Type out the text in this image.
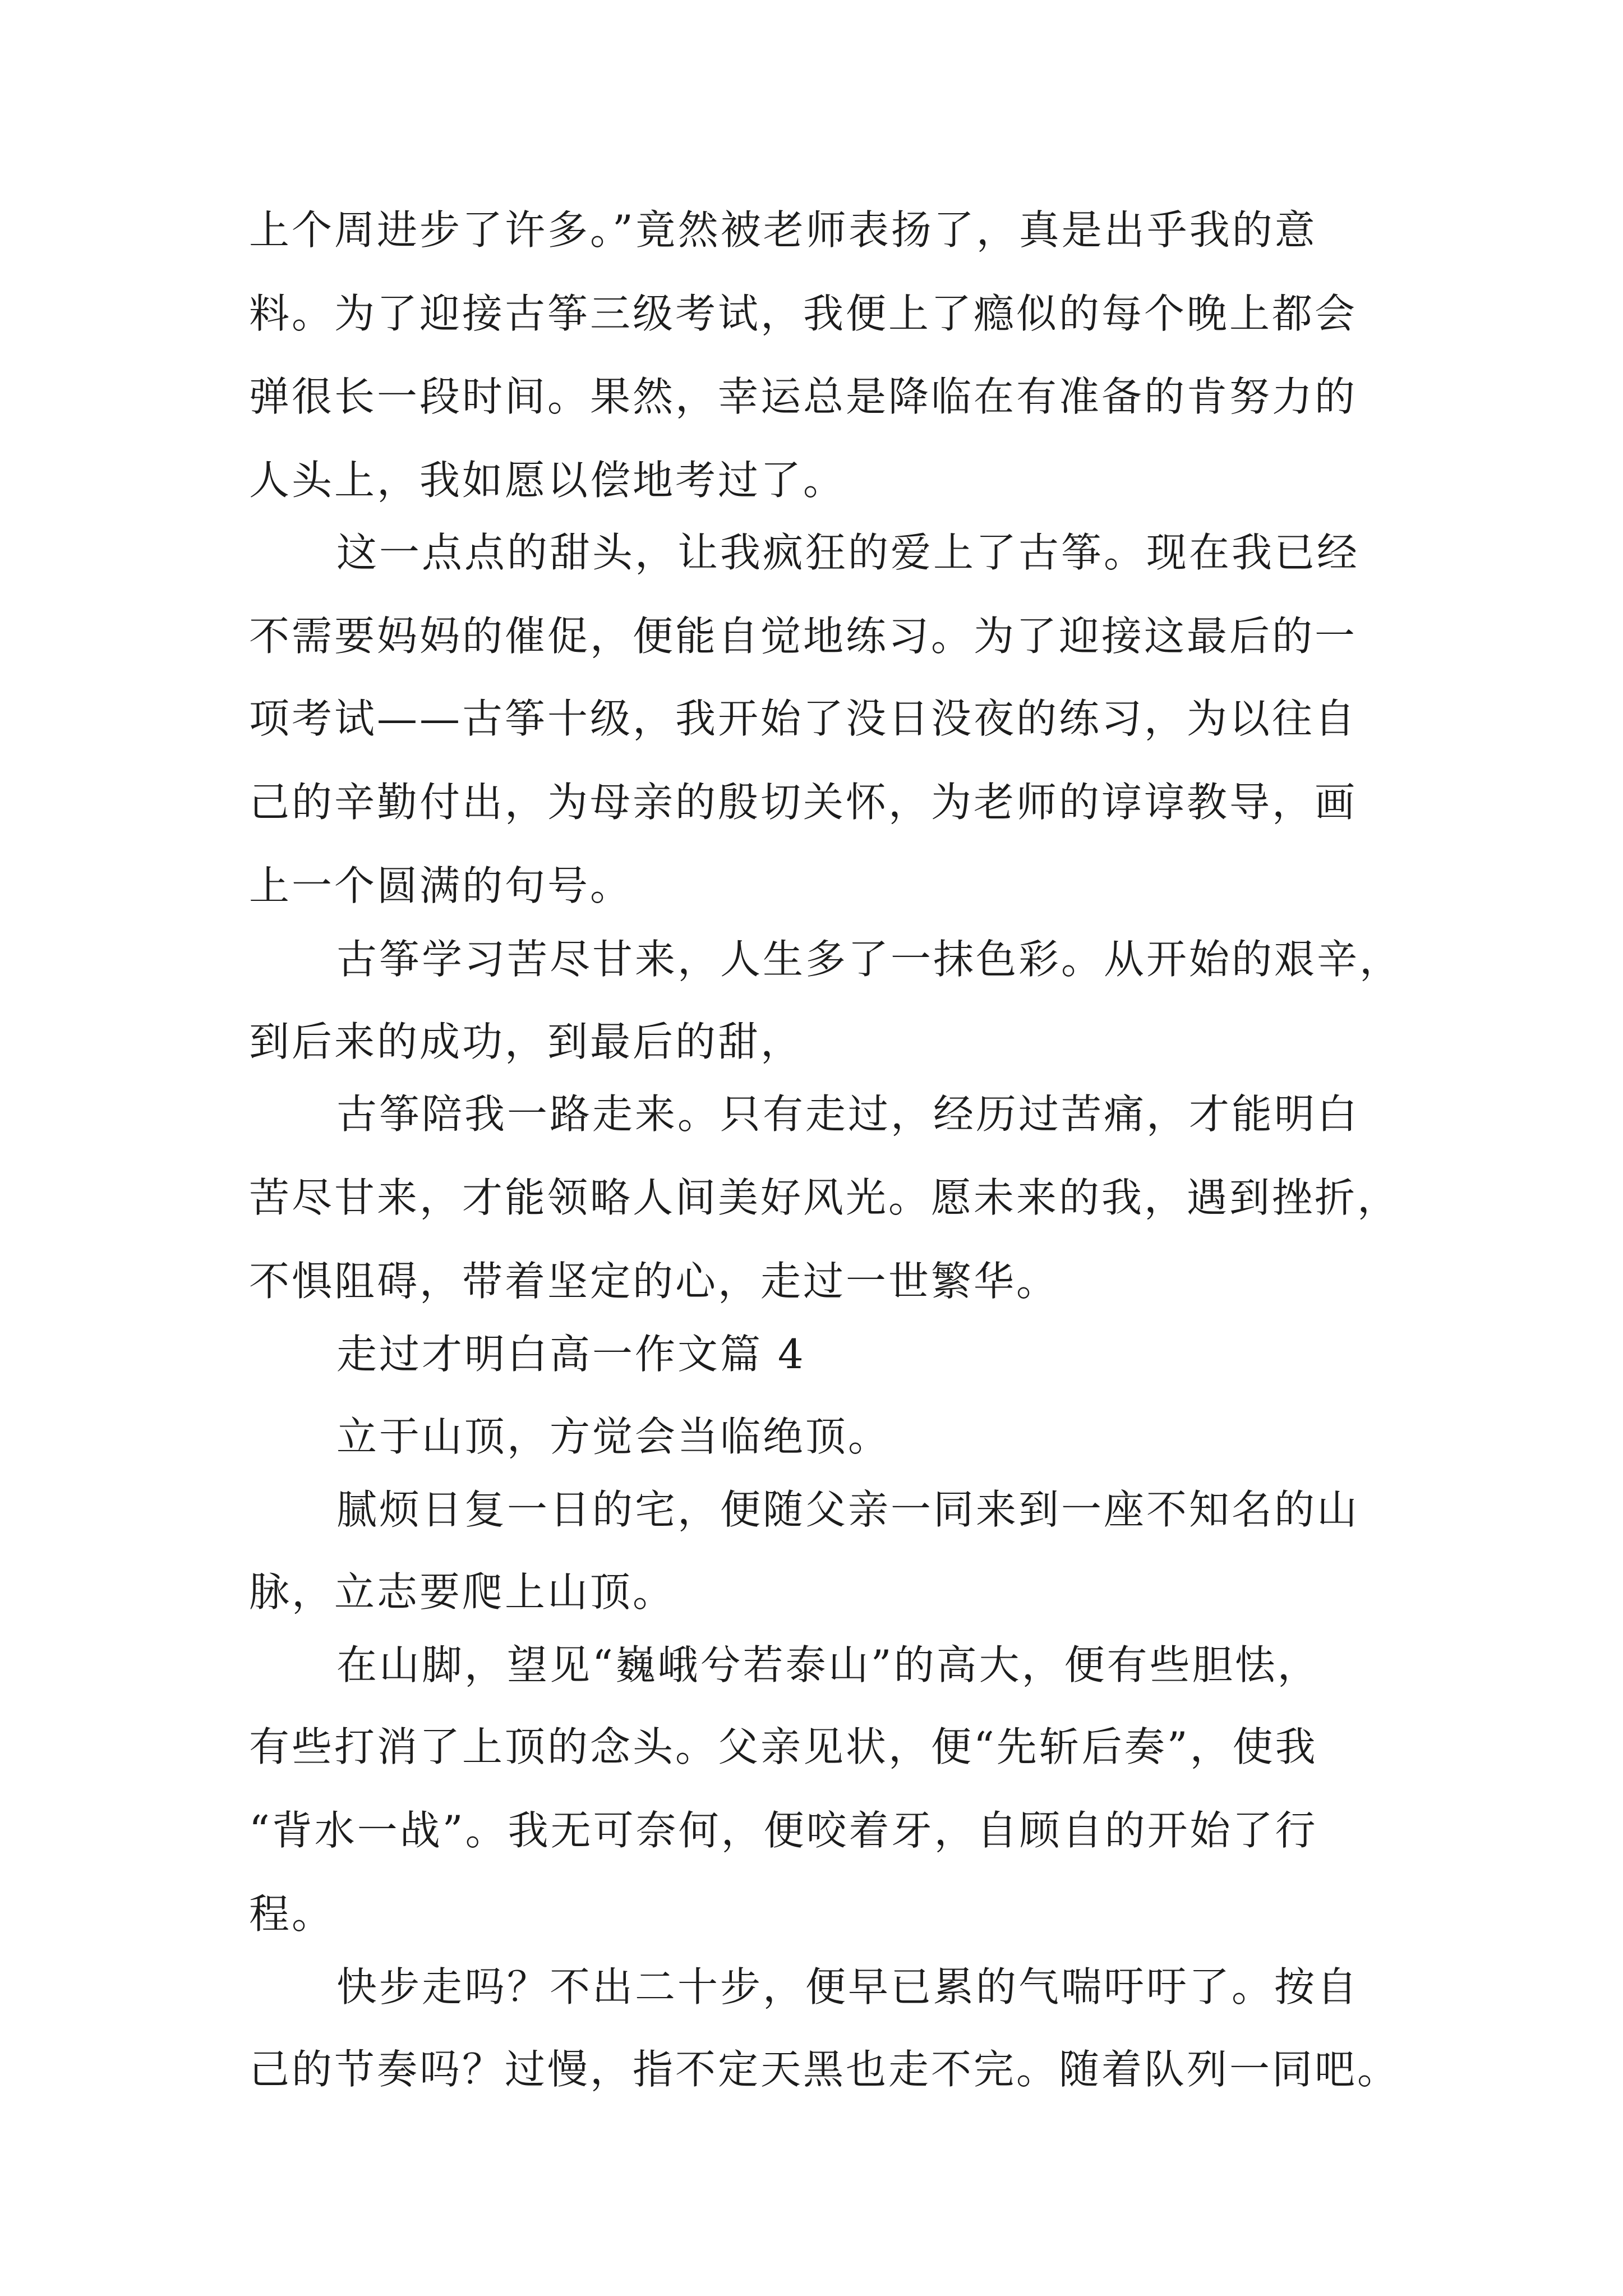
上个周进步了许多。”竟然被老师表扬了，真是出乎我的意
料。为了迎接古筝三级考试，我便上了瘾似的每个晚上都会
弹很长一段时间。果然，幸运总是降临在有准备的肯努力的
人头上，我如愿以偿地考过了。
这一点点的甜头，让我疯狂的爱上了古筝。现在我已经
不需要妈妈的催促，便能自觉地练习。为了迎接这最后的一
项考试——古筝十级，我开始了没日没夜的练习，为以往自
己的辛勤付出，为母亲的殷切关怀，为老师的谆谆教导，画
上一个圆满的句号。
古筝学习苦尽甘来，人生多了一抹色彩。从开始的艰辛，
到后来的成功，到最后的甜，
古筝陪我一路走来。只有走过，经历过苦痛，才能明白
苦尽甘来，才能领略人间美好风光。愿未来的我，遇到挫折，
不惧阻碍，带着坚定的心，走过一世繁华。
走过才明白高一作文篇 4
立于山顶，方觉会当临绝顶。
腻烦日复一日的宅，便随父亲一同来到一座不知名的山
脉，立志要爬上山顶。
在山脚，望见“巍峨兮若泰山”的高大，便有些胆怯，
有些打消了上顶的念头。父亲见状，便“先斩后奏”，使我
“背水一战”。我无可奈何，便咬着牙，自顾自的开始了行
程。
快步走吗？不出二十步，便早已累的气喘吁吁了。按自
己的节奏吗？过慢，指不定天黑也走不完。随着队列一同吧。
